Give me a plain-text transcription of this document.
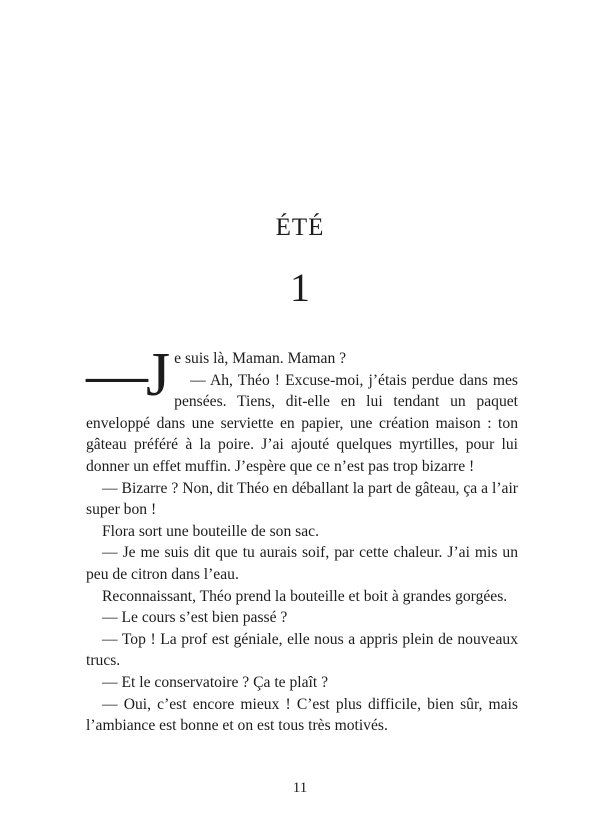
ÉTÉ
1

—J e suis là, Maman. Maman ?

— Ah, Théo ! Excuse-moi, j’étais perdue dans mes pensées. Tiens, dit-elle en lui tendant un paquet enveloppé dans une serviette en papier, une création maison : ton gâteau préféré à la poire. J’ai ajouté quelques myrtilles, pour lui donner un effet muffin. J’espère que ce n’est pas trop bizarre !

— Bizarre ? Non, dit Théo en déballant la part de gâteau, ça a l’air super bon !

Flora sort une bouteille de son sac.

— Je me suis dit que tu aurais soif, par cette chaleur. J’ai mis un peu de citron dans l’eau.

Reconnaissant, Théo prend la bouteille et boit à grandes gorgées.

— Le cours s’est bien passé ?

— Top ! La prof est géniale, elle nous a appris plein de nouveaux trucs.

— Et le conservatoire ? Ça te plaît ?

— Oui, c’est encore mieux ! C’est plus difficile, bien sûr, mais l’ambiance est bonne et on est tous très motivés.

11
